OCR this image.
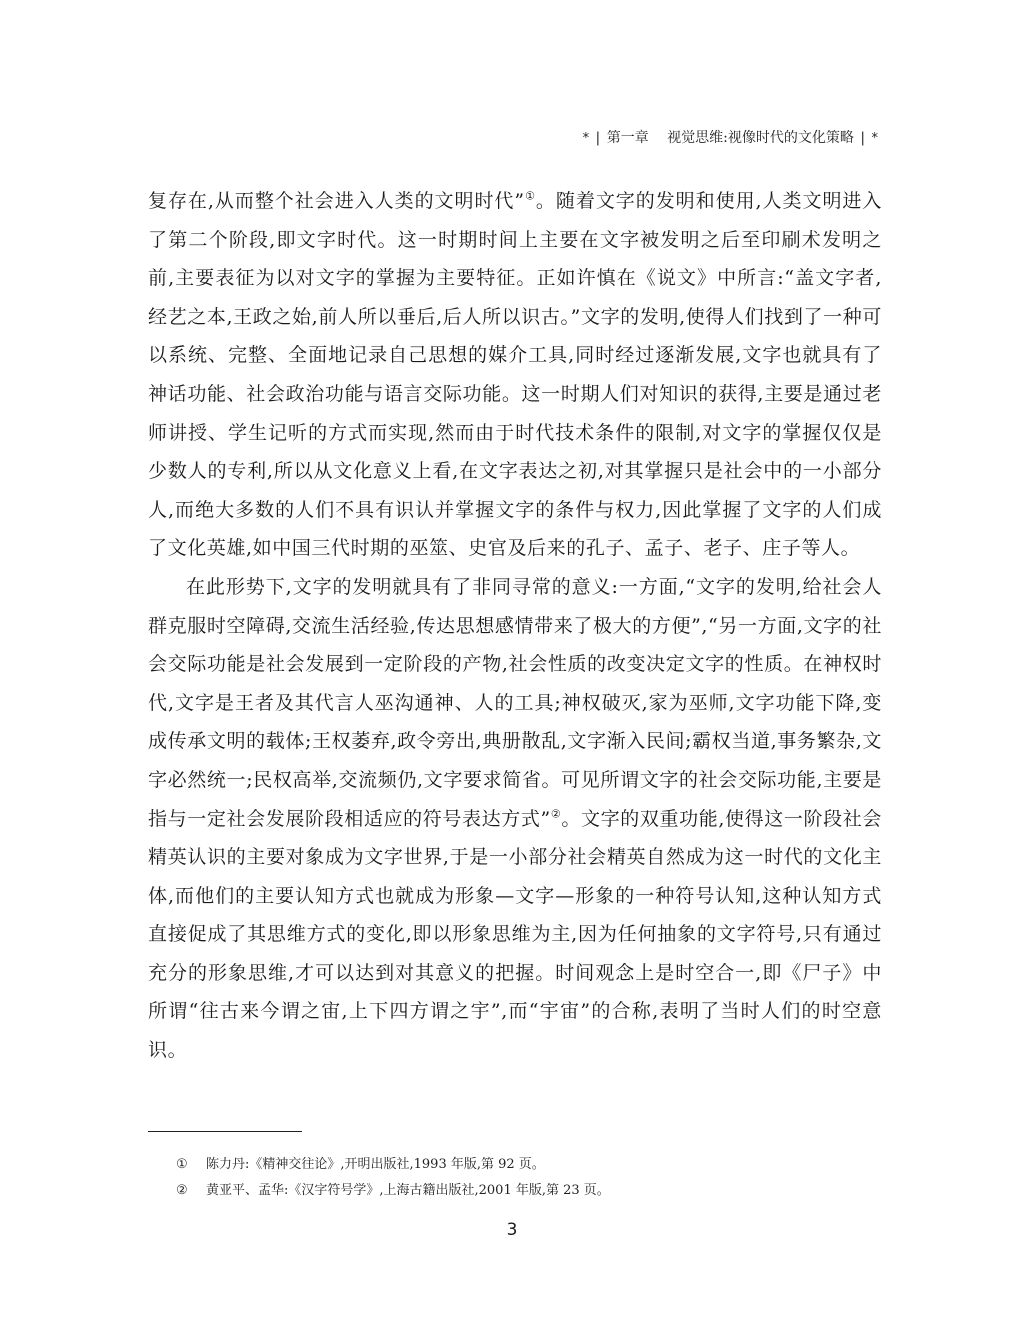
* | 第一章 视觉思维:视像时代的文化策略 | *

复存在,从而整个社会进入人类的文明时代”①。随着文字的发明和使用,人类文明进入了第二个阶段,即文字时代。这一时期时间上主要在文字被发明之后至印刷术发明之前,主要表征为以对文字的掌握为主要特征。正如许慎在《说文》中所言:“盖文字者,经艺之本,王政之始,前人所以垂后,后人所以识古。”文字的发明,使得人们找到了一种可以系统、完整、全面地记录自己思想的媒介工具,同时经过逐渐发展,文字也就具有了神话功能、社会政治功能与语言交际功能。这一时期人们对知识的获得,主要是通过老师讲授、学生记听的方式而实现,然而由于时代技术条件的限制,对文字的掌握仅仅是少数人的专利,所以从文化意义上看,在文字表达之初,对其掌握只是社会中的一小部分人,而绝大多数的人们不具有识认并掌握文字的条件与权力,因此掌握了文字的人们成了文化英雄,如中国三代时期的巫筮、史官及后来的孔子、孟子、老子、庄子等人。

在此形势下,文字的发明就具有了非同寻常的意义:一方面,“文字的发明,给社会人群克服时空障碍,交流生活经验,传达思想感情带来了极大的方便”,“另一方面,文字的社会交际功能是社会发展到一定阶段的产物,社会性质的改变决定文字的性质。在神权时代,文字是王者及其代言人巫沟通神、人的工具;神权破灭,家为巫师,文字功能下降,变成传承文明的载体;王权萎弃,政令旁出,典册散乱,文字渐入民间;霸权当道,事务繁杂,文字必然统一;民权高举,交流频仍,文字要求简省。可见所谓文字的社会交际功能,主要是指与一定社会发展阶段相适应的符号表达方式”②。文字的双重功能,使得这一阶段社会精英认识的主要对象成为文字世界,于是一小部分社会精英自然成为这一时代的文化主体,而他们的主要认知方式也就成为形象—文字—形象的一种符号认知,这种认知方式直接促成了其思维方式的变化,即以形象思维为主,因为任何抽象的文字符号,只有通过充分的形象思维,才可以达到对其意义的把握。时间观念上是时空合一,即《尸子》中所谓“往古来今谓之宙,上下四方谓之宇”,而“宇宙”的合称,表明了当时人们的时空意识。

① 陈力丹:《精神交往论》,开明出版社,1993 年版,第 92 页。
② 黄亚平、孟华:《汉字符号学》,上海古籍出版社,2001 年版,第 23 页。
3
